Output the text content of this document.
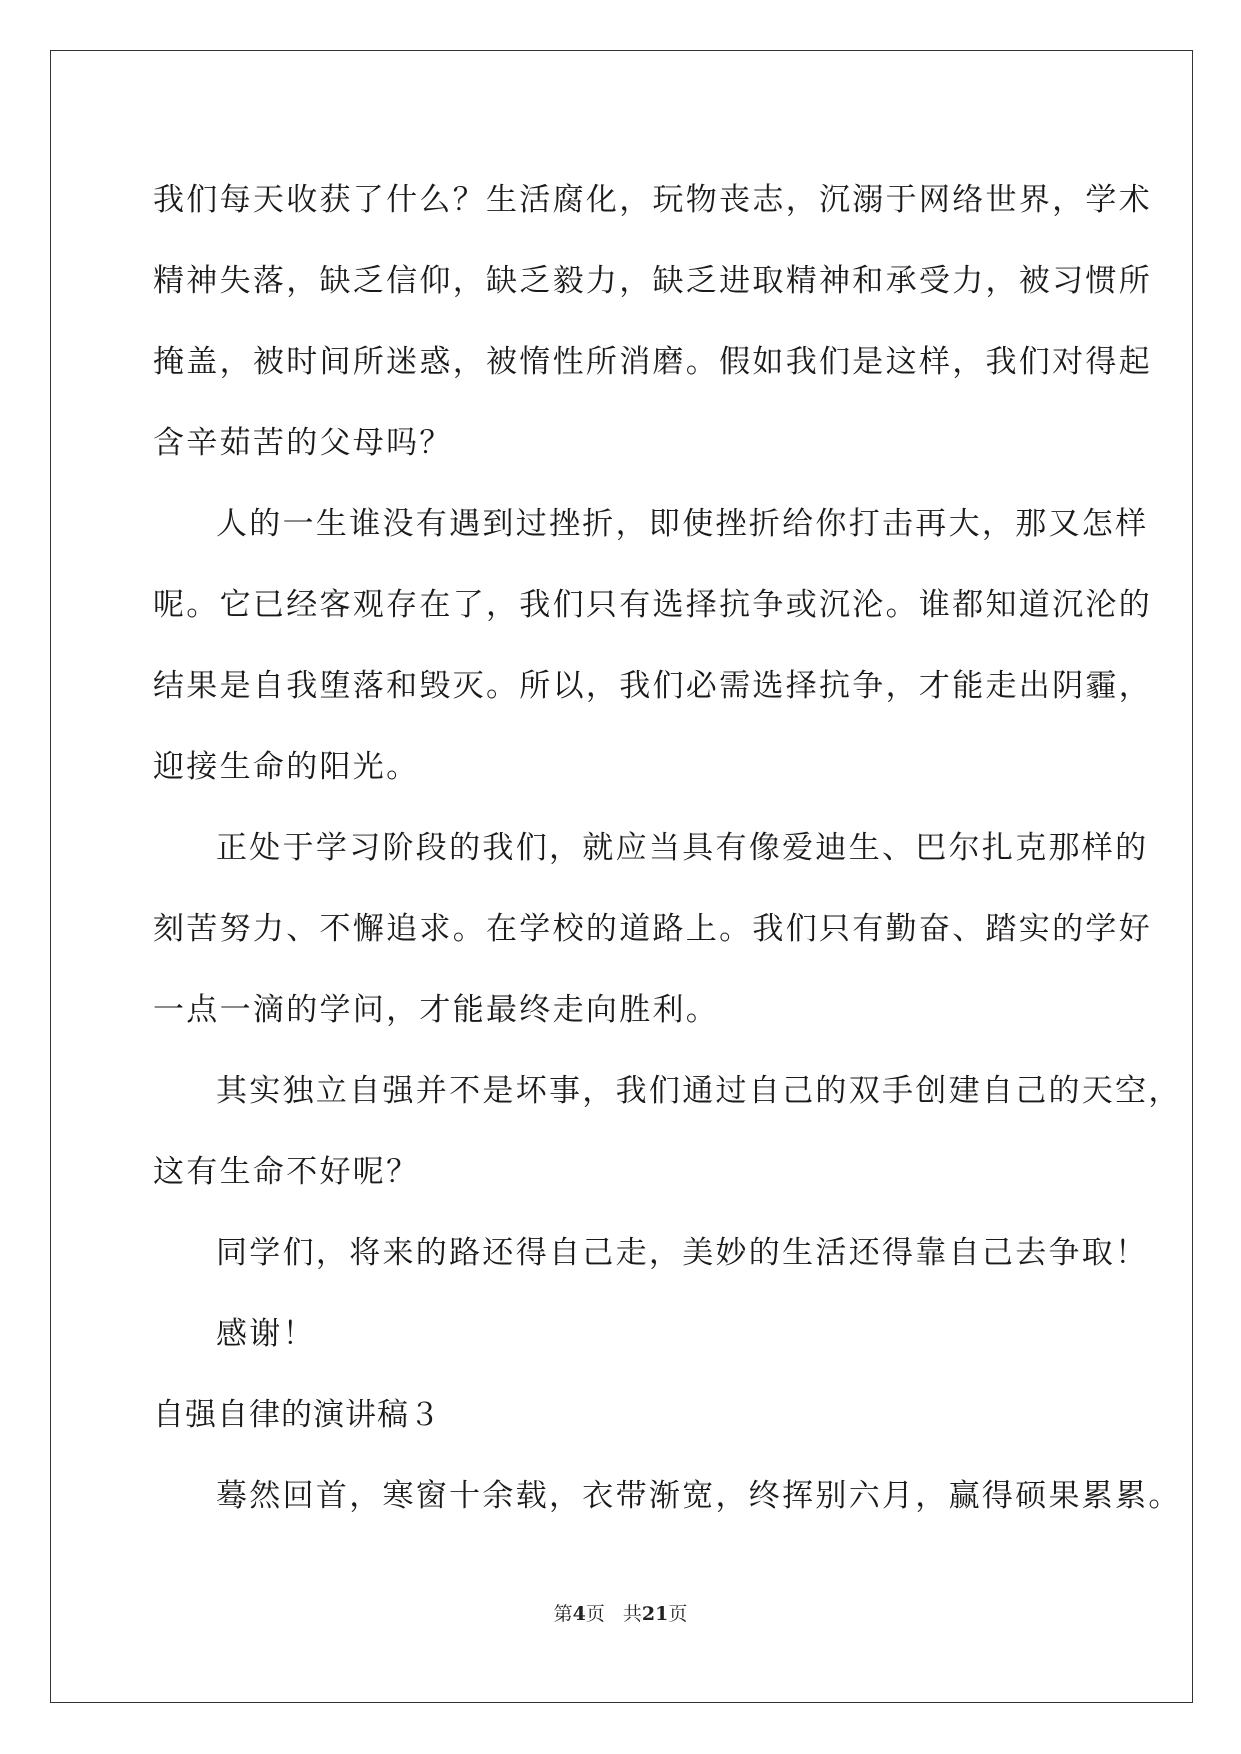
我们每天收获了什么？生活腐化，玩物丧志，沉溺于网络世界，学术
精神失落，缺乏信仰，缺乏毅力，缺乏进取精神和承受力，被习惯所
掩盖，被时间所迷惑，被惰性所消磨。假如我们是这样，我们对得起
含辛茹苦的父母吗？
人的一生谁没有遇到过挫折，即使挫折给你打击再大，那又怎样
呢。它已经客观存在了，我们只有选择抗争或沉沦。谁都知道沉沦的
结果是自我堕落和毁灭。所以，我们必需选择抗争，才能走出阴霾，
迎接生命的阳光。
正处于学习阶段的我们，就应当具有像爱迪生、巴尔扎克那样的
刻苦努力、不懈追求。在学校的道路上。我们只有勤奋、踏实的学好
一点一滴的学问，才能最终走向胜利。
其实独立自强并不是坏事，我们通过自己的双手创建自己的天空，
这有生命不好呢？
同学们，将来的路还得自己走，美妙的生活还得靠自己去争取！
感谢！
自强自律的演讲稿３
蓦然回首，寒窗十余载，衣带渐宽，终挥别六月，赢得硕果累累。
第4页 共21页
